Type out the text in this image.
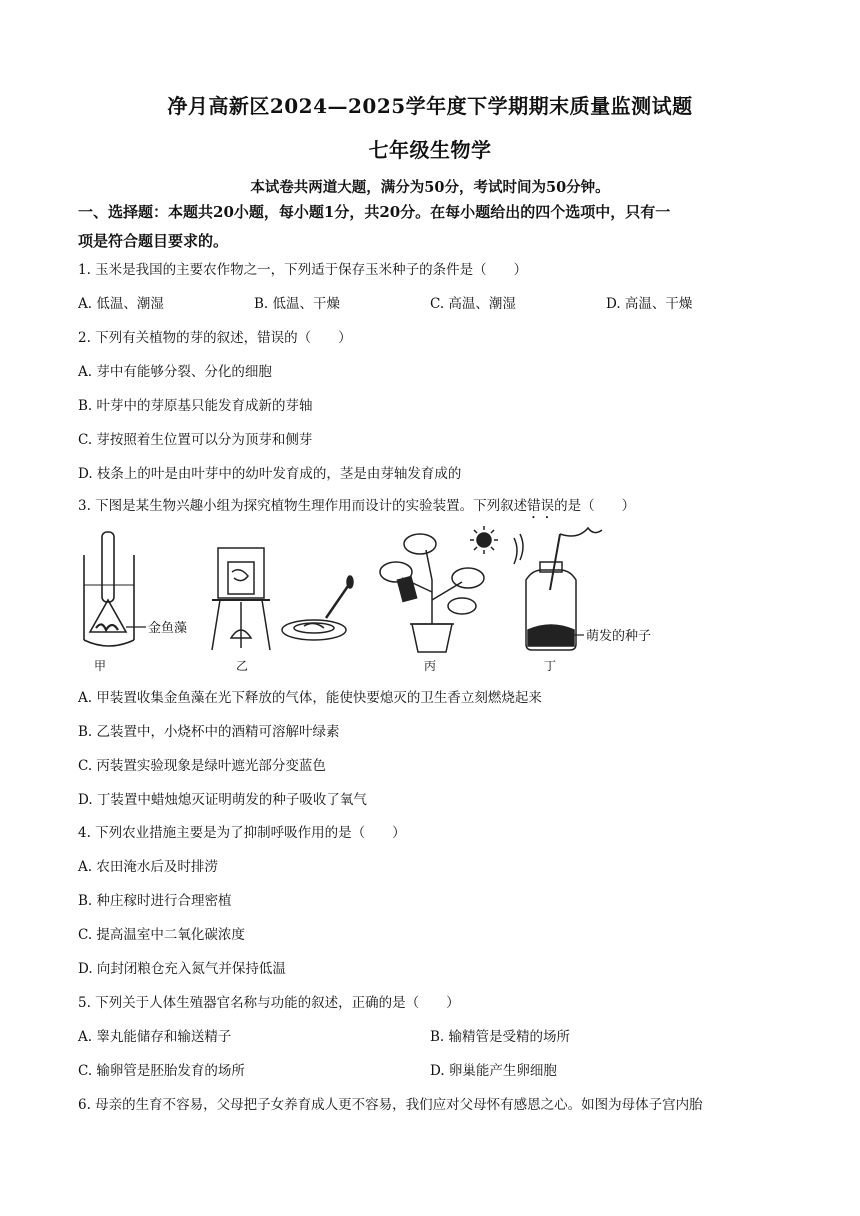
净月高新区2024—2025学年度下学期期末质量监测试题
七年级生物学
本试卷共两道大题，满分为50分，考试时间为50分钟。
一、选择题：本题共20小题，每小题1分，共20分。在每小题给出的四个选项中，只有一
项是符合题目要求的。
1. 玉米是我国的主要农作物之一，下列适于保存玉米种子的条件是（　　）
A. 低温、潮湿	B. 低温、干燥	C. 高温、潮湿	D. 高温、干燥
2. 下列有关植物的芽的叙述，错误的（　　）
A. 芽中有能够分裂、分化的细胞
B. 叶芽中的芽原基只能发育成新的芽轴
C. 芽按照着生位置可以分为顶芽和侧芽
D. 枝条上的叶是由叶芽中的幼叶发育成的，茎是由芽轴发育成的
3. 下图是某生物兴趣小组为探究植物生理作用而设计的实验装置。下列叙述错误的是（　　）
金鱼藻
甲	乙	丙
萌发的种子
丁
A. 甲装置收集金鱼藻在光下释放的气体，能使快要熄灭的卫生香立刻燃烧起来
B. 乙装置中，小烧杯中的酒精可溶解叶绿素
C. 丙装置实验现象是绿叶遮光部分变蓝色
D. 丁装置中蜡烛熄灭证明萌发的种子吸收了氧气
4. 下列农业措施主要是为了抑制呼吸作用的是（　　）
A. 农田淹水后及时排涝
B. 种庄稼时进行合理密植
C. 提高温室中二氧化碳浓度
D. 向封闭粮仓充入氮气并保持低温
5. 下列关于人体生殖器官名称与功能的叙述，正确的是（　　）
A. 睾丸能储存和输送精子	B. 输精管是受精的场所
C. 输卵管是胚胎发育的场所	D. 卵巢能产生卵细胞
6. 母亲的生育不容易，父母把子女养育成人更不容易，我们应对父母怀有感恩之心。如图为母体子宫内胎
